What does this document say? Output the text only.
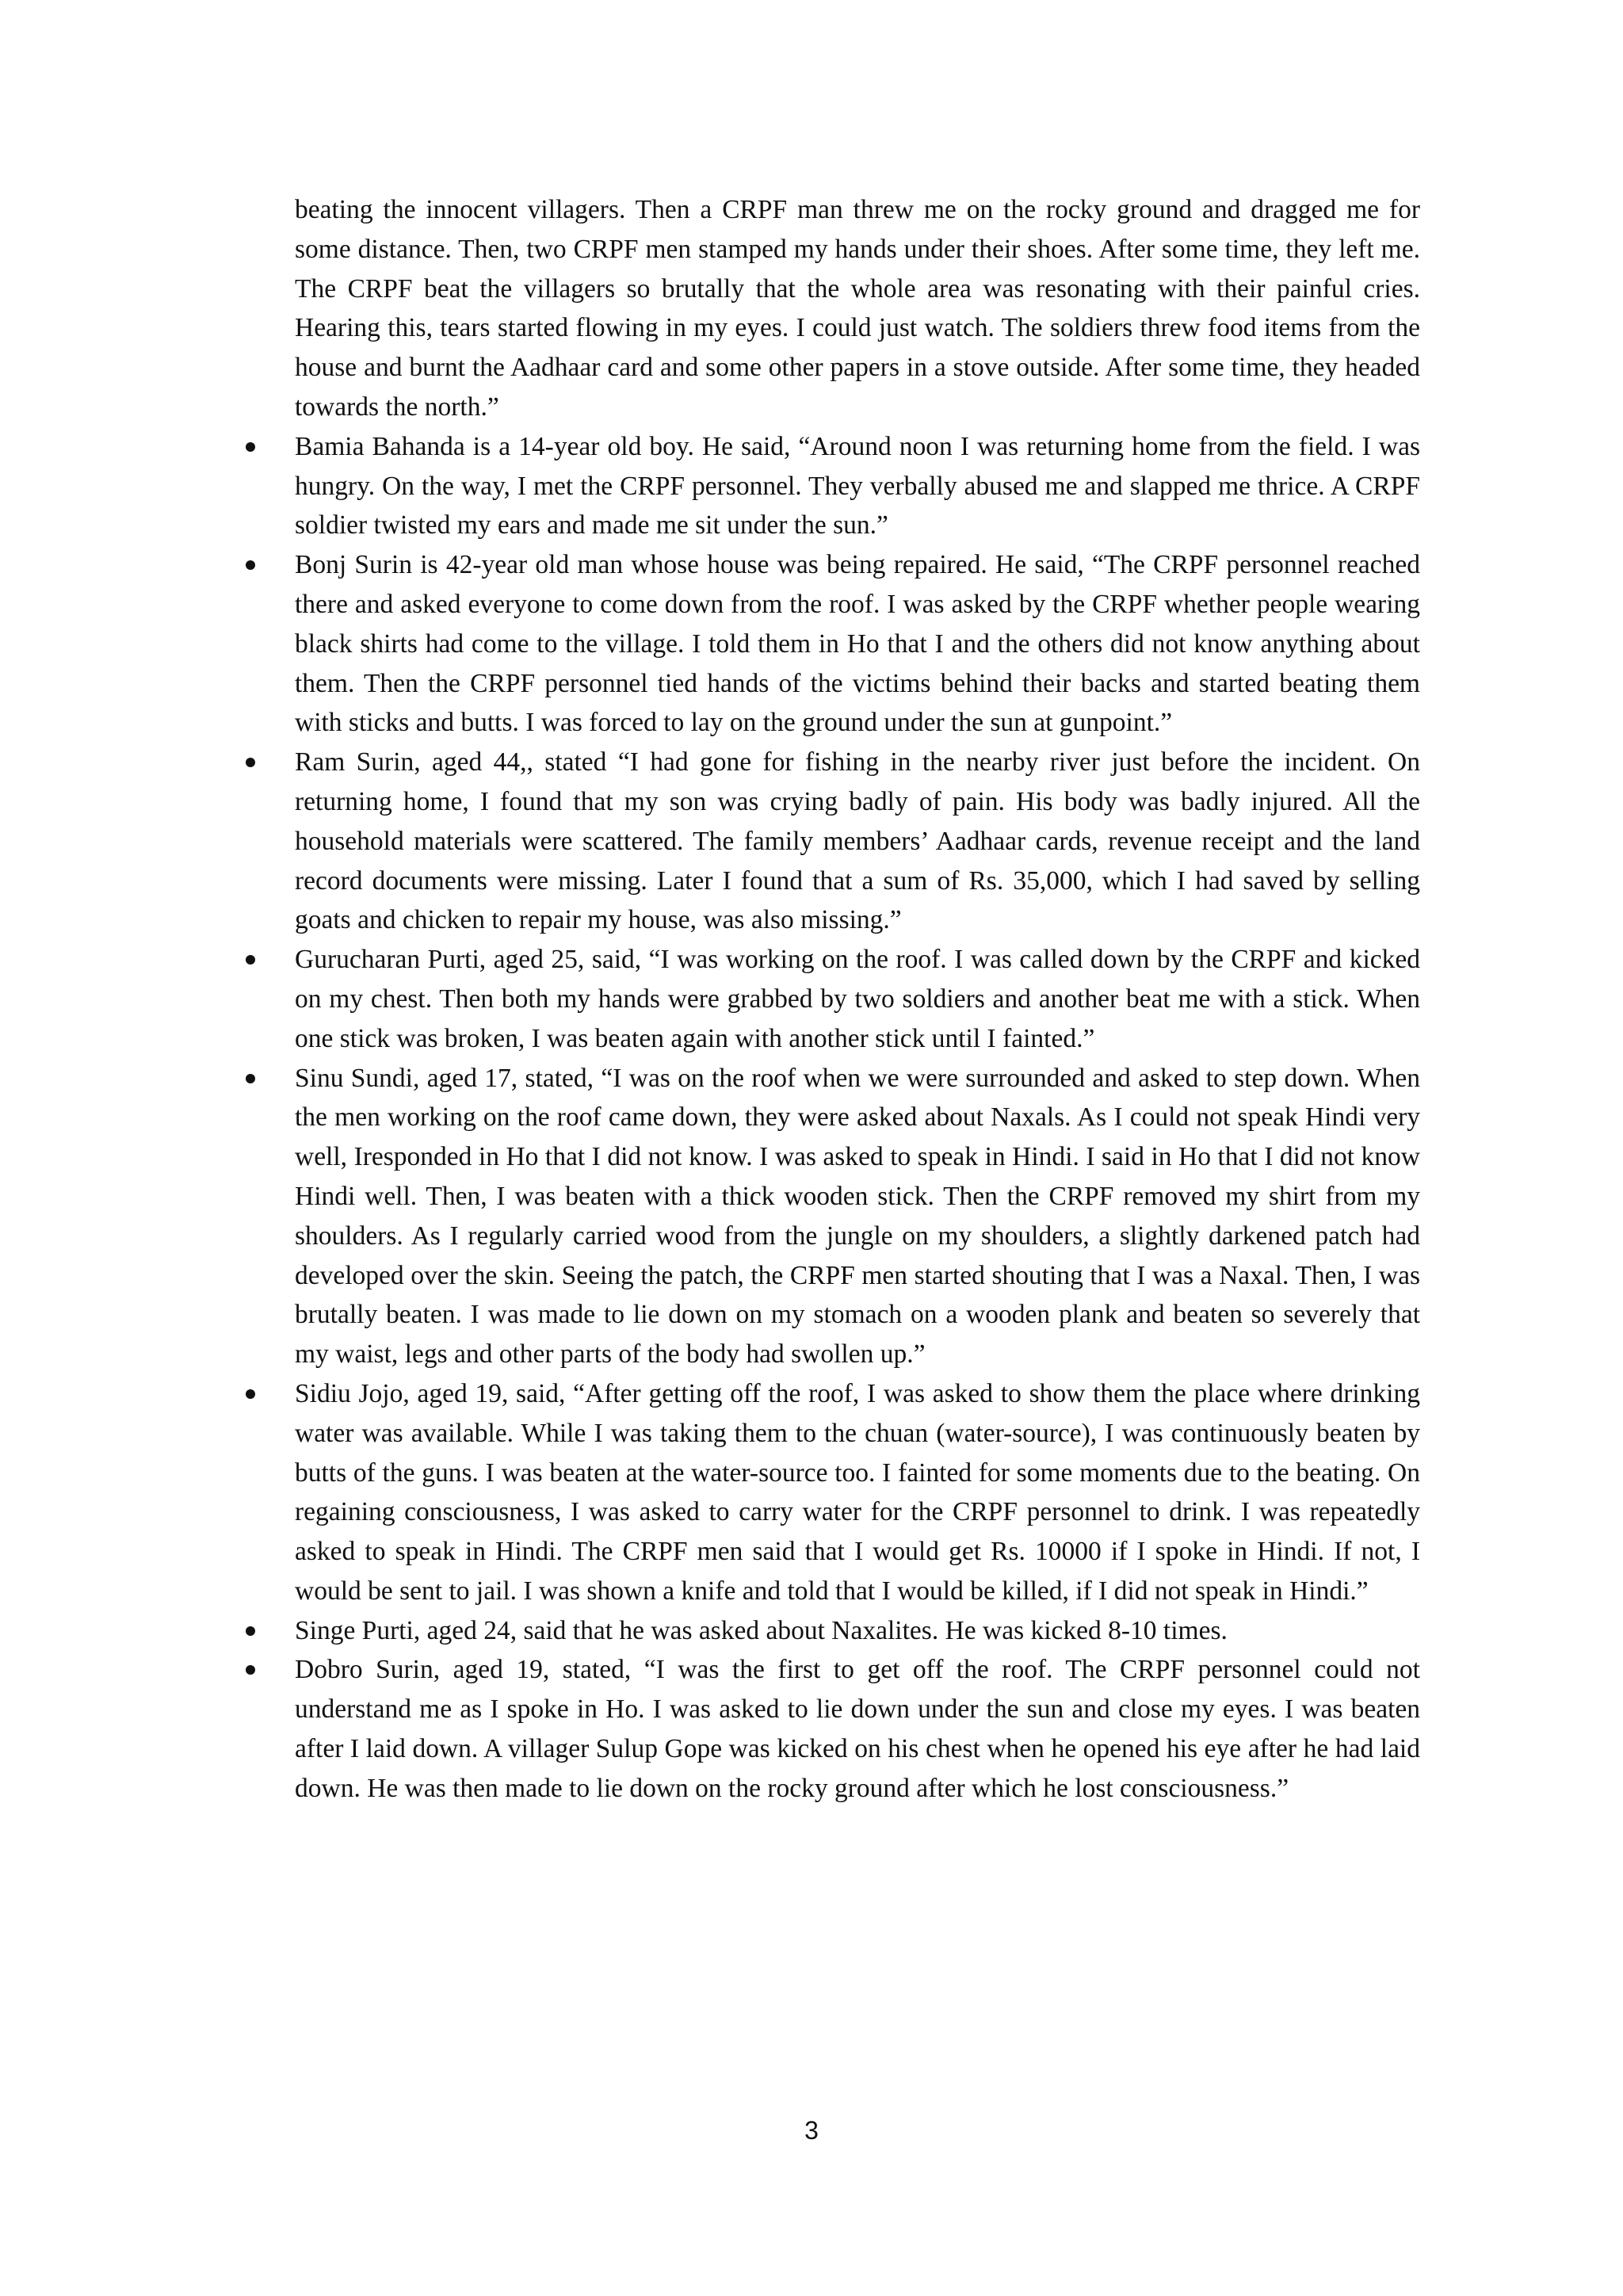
beating the innocent villagers. Then a CRPF man threw me on the rocky ground and dragged me for some distance. Then, two CRPF men stamped my hands under their shoes. After some time, they left me. The CRPF beat the villagers so brutally that the whole area was resonating with their painful cries. Hearing this, tears started flowing in my eyes. I could just watch. The soldiers threw food items from the house and burnt the Aadhaar card and some other papers in a stove outside. After some time, they headed towards the north.”

Bamia Bahanda is a 14-year old boy. He said, “Around noon I was returning home from the field. I was hungry. On the way, I met the CRPF personnel. They verbally abused me and slapped me thrice. A CRPF soldier twisted my ears and made me sit under the sun.”
Bonj Surin is 42-year old man whose house was being repaired. He said, “The CRPF personnel reached there and asked everyone to come down from the roof. I was asked by the CRPF whether people wearing black shirts had come to the village. I told them in Ho that I and the others did not know anything about them. Then the CRPF personnel tied hands of the victims behind their backs and started beating them with sticks and butts. I was forced to lay on the ground under the sun at gunpoint.”
Ram Surin, aged 44,, stated “I had gone for fishing in the nearby river just before the incident. On returning home, I found that my son was crying badly of pain. His body was badly injured. All the household materials were scattered. The family members’ Aadhaar cards, revenue receipt and the land record documents were missing. Later I found that a sum of Rs. 35,000, which I had saved by selling goats and chicken to repair my house, was also missing.”
Gurucharan Purti, aged 25, said, “I was working on the roof. I was called down by the CRPF and kicked on my chest. Then both my hands were grabbed by two soldiers and another beat me with a stick. When one stick was broken, I was beaten again with another stick until I fainted.”
Sinu Sundi, aged 17, stated, “I was on the roof when we were surrounded and asked to step down. When the men working on the roof came down, they were asked about Naxals. As I could not speak Hindi very well, Iresponded in Ho that I did not know. I was asked to speak in Hindi. I said in Ho that I did not know Hindi well. Then, I was beaten with a thick wooden stick. Then the CRPF removed my shirt from my shoulders. As I regularly carried wood from the jungle on my shoulders, a slightly darkened patch had developed over the skin. Seeing the patch, the CRPF men started shouting that I was a Naxal. Then, I was brutally beaten. I was made to lie down on my stomach on a wooden plank and beaten so severely that my waist, legs and other parts of the body had swollen up.”
Sidiu Jojo, aged 19, said, “After getting off the roof, I was asked to show them the place where drinking water was available. While I was taking them to the chuan (water-source), I was continuously beaten by butts of the guns. I was beaten at the water-source too. I fainted for some moments due to the beating. On regaining consciousness, I was asked to carry water for the CRPF personnel to drink. I was repeatedly asked to speak in Hindi. The CRPF men said that I would get Rs. 10000 if I spoke in Hindi. If not, I would be sent to jail. I was shown a knife and told that I would be killed, if I did not speak in Hindi.”
Singe Purti, aged 24, said that he was asked about Naxalites. He was kicked 8-10 times.
Dobro Surin, aged 19, stated, “I was the first to get off the roof. The CRPF personnel could not understand me as I spoke in Ho. I was asked to lie down under the sun and close my eyes. I was beaten after I laid down. A villager Sulup Gope was kicked on his chest when he opened his eye after he had laid down. He was then made to lie down on the rocky ground after which he lost consciousness.”
3
